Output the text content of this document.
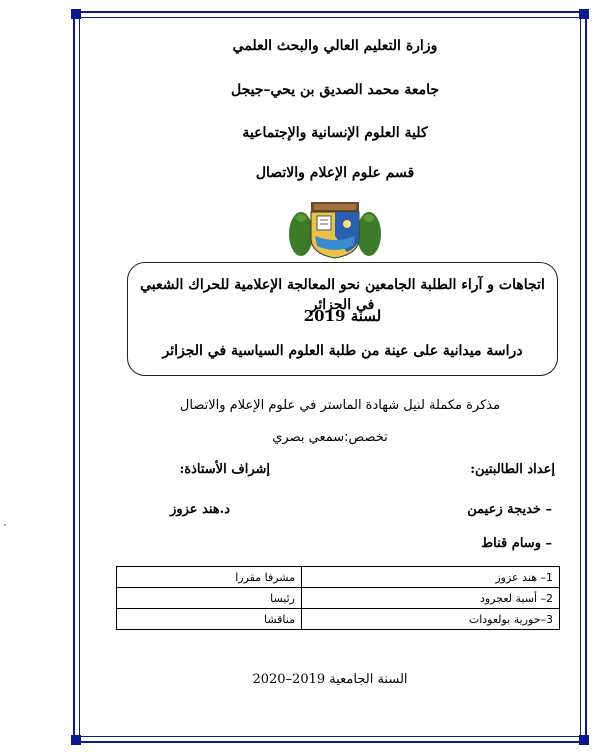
وزارة التعليم العالي والبحث العلمي
جامعة محمد الصديق بن يحي–جيجل
كلية العلوم الإنسانية والإجتماعية
قسم علوم الإعلام والاتصال
اتجاهات و آراء الطلبة الجامعين نحو المعالجة الإعلامية للحراك الشعبي في الجزائر
لسنة 2019
دراسة ميدانية على عينة من طلبة العلوم السياسية في الجزائر
مذكرة مكملة لنيل شهادة الماستر في علوم الإعلام والاتصال
تخصص:سمعي بصري
إعداد الطالبتين:
إشراف الأستاذة:
– خديجة زعيمن
د.هند عزوز
– وسام قناط
1– هند عزوز	مشرفا مقررا
2– أسية لعجرود	رئيسا
3–حورية بولعودات	مناقشا
السنة الجامعية 2019–2020
